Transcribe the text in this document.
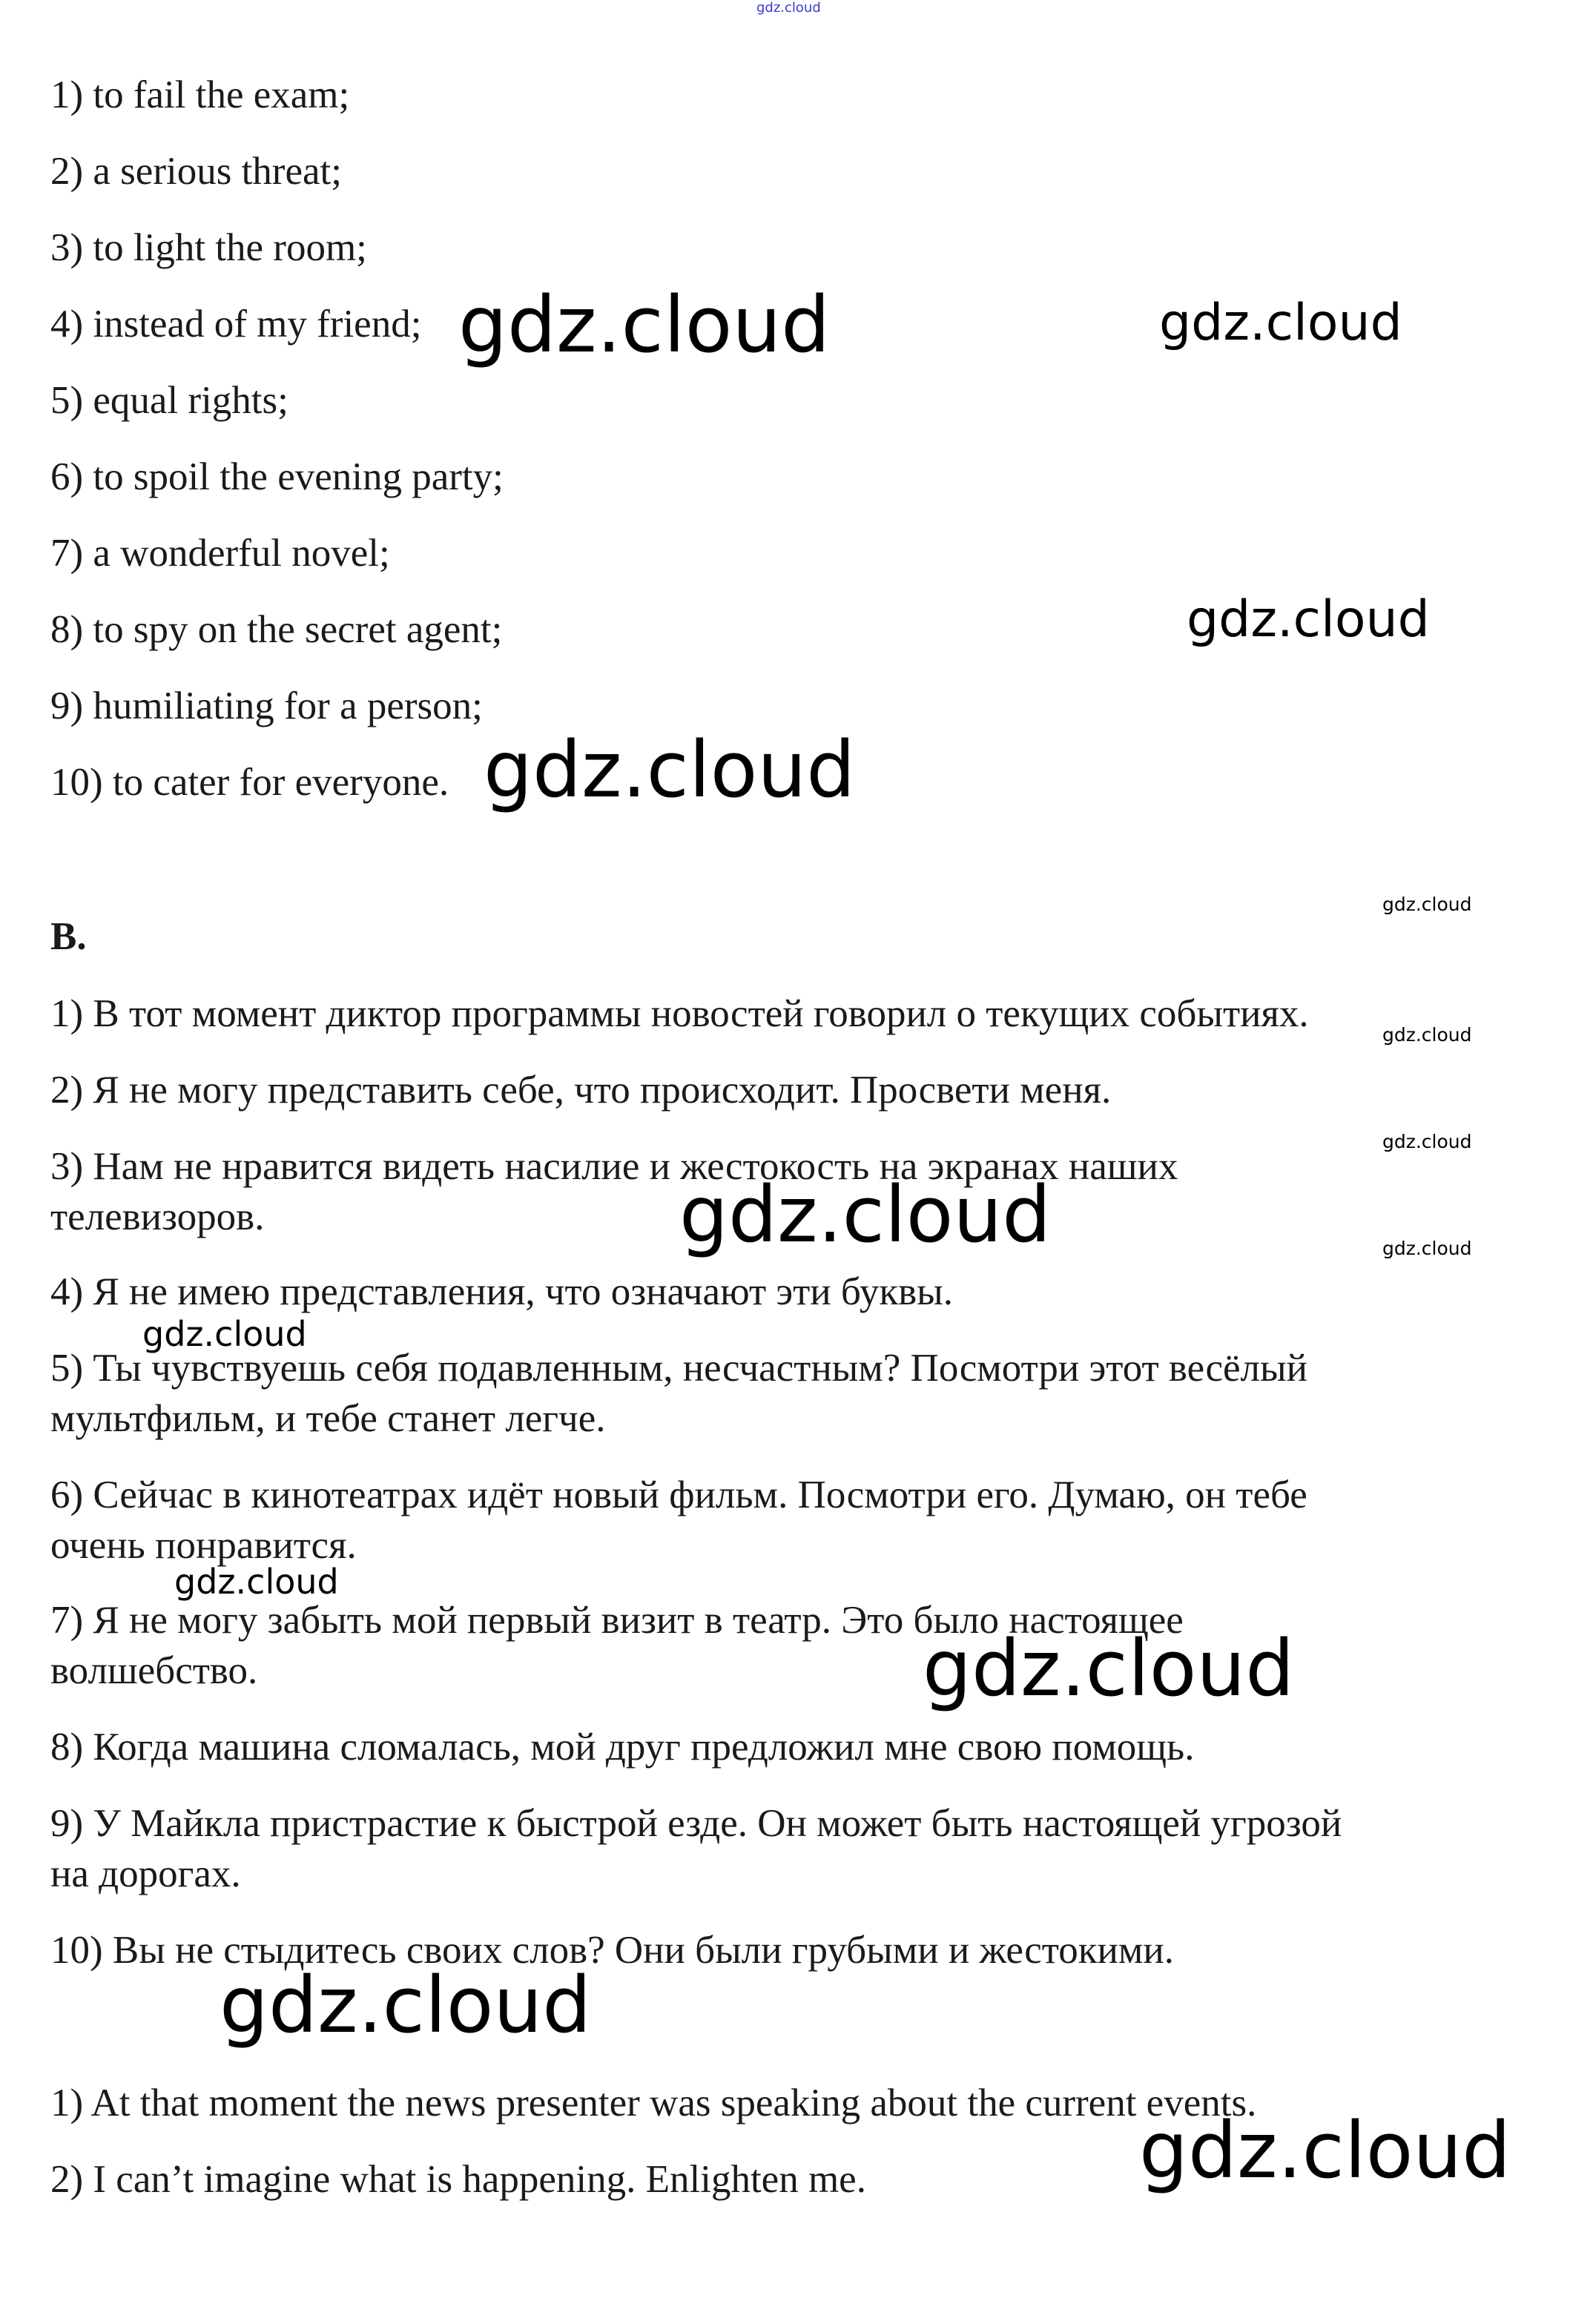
gdz.cloud

1) to fail the exam;

2) a serious threat;

3) to light the room;

4) instead of my friend;

5) equal rights;

6) to spoil the evening party;

7) a wonderful novel;

8) to spy on the secret agent;

9) humiliating for a person;

10) to cater for everyone.

B.

1) В тот момент диктор программы новостей говорил о текущих событиях.

2) Я не могу представить себе, что происходит. Просвети меня.

3) Нам не нравится видеть насилие и жестокость на экранах наших

телевизоров.

4) Я не имею представления, что означают эти буквы.

5) Ты чувствуешь себя подавленным, несчастным? Посмотри этот весёлый

мультфильм, и тебе станет легче.

6) Сейчас в кинотеатрах идёт новый фильм. Посмотри его. Думаю, он тебе

очень понравится.

7) Я не могу забыть мой первый визит в театр. Это было настоящее

волшебство.

8) Когда машина сломалась, мой друг предложил мне свою помощь.

9) У Майкла пристрастие к быстрой езде. Он может быть настоящей угрозой

на дорогах.

10) Вы не стыдитесь своих слов? Они были грубыми и жестокими.

1) At that moment the news presenter was speaking about the current events.

2) I can’t imagine what is happening. Enlighten me.

gdz.cloud	gdz.cloud
gdz.cloud
gdz.cloud
gdz.cloud
gdz.cloud
gdz.cloud
gdz.cloud	gdz.cloud
gdz.cloud
gdz.cloud
gdz.cloud
gdz.cloud
gdz.cloud
